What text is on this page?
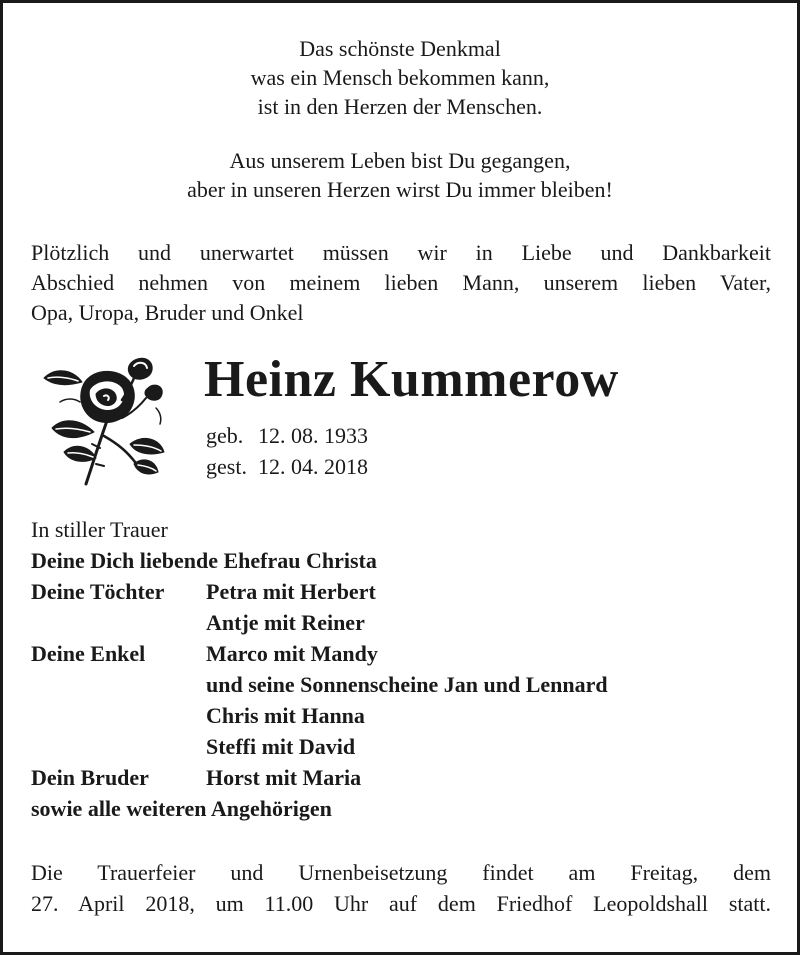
Das schönste Denkmal
was ein Mensch bekommen kann,
ist in den Herzen der Menschen.
Aus unserem Leben bist Du gegangen,
aber in unseren Herzen wirst Du immer bleiben!
Plötzlich und unerwartet müssen wir in Liebe und Dankbarkeit
Abschied nehmen von meinem lieben Mann, unserem lieben Vater,
Opa, Uropa, Bruder und Onkel
Heinz Kummerow
geb. 12. 08. 1933
gest. 12. 04. 2018
In stiller Trauer
Deine Dich liebende Ehefrau Christa
Deine Töchter	Petra mit Herbert
Antje mit Reiner
Deine Enkel	Marco mit Mandy
und seine Sonnenscheine Jan und Lennard
Chris mit Hanna
Steffi mit David
Dein Bruder	Horst mit Maria
sowie alle weiteren Angehörigen
Die Trauerfeier und Urnenbeisetzung findet am Freitag, dem
27. April 2018, um 11.00 Uhr auf dem Friedhof Leopoldshall statt.
